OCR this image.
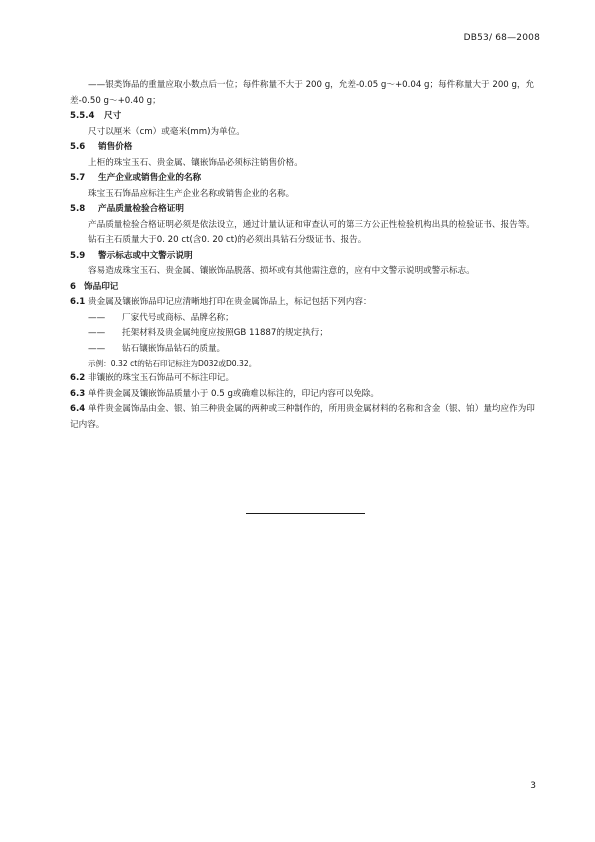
DB53/ 68—2008

——银类饰品的重量应取小数点后一位；每件称量不大于 200 g，允差-0.05 g～+0.04 g；每件称量大于 200 g，允差-0.50 g～+0.40 g；

5.5.4 尺寸

尺寸以厘米（cm）或毫米(mm)为单位。

5.6 销售价格

上柜的珠宝玉石、贵金属、镶嵌饰品必须标注销售价格。

5.7 生产企业或销售企业的名称

珠宝玉石饰品应标注生产企业名称或销售企业的名称。

5.8 产品质量检验合格证明

产品质量检验合格证明必须是依法设立，通过计量认证和审查认可的第三方公正性检验机构出具的检验证书、报告等。

钻石主石质量大于0. 20 ct(含0. 20 ct)的必须出具钻石分级证书、报告。

5.9 警示标志或中文警示说明

容易造成珠宝玉石、贵金属、镶嵌饰品脱落、损坏或有其他需注意的，应有中文警示说明或警示标志。

6 饰品印记

6.1 贵金属及镶嵌饰品印记应清晰地打印在贵金属饰品上，标记包括下列内容：

—— 厂家代号或商标、品牌名称；

—— 托架材料及贵金属纯度应按照GB 11887的规定执行；

—— 钻石镶嵌饰品钻石的质量。

示例：0.32 ct的钻石印记标注为D032或D0.32。

6.2 非镶嵌的珠宝玉石饰品可不标注印记。

6.3 单件贵金属及镶嵌饰品质量小于 0.5 g或确难以标注的，印记内容可以免除。

6.4 单件贵金属饰品由金、银、铂三种贵金属的两种或三种制作的，所用贵金属材料的名称和含金（银、铂）量均应作为印记内容。

3
